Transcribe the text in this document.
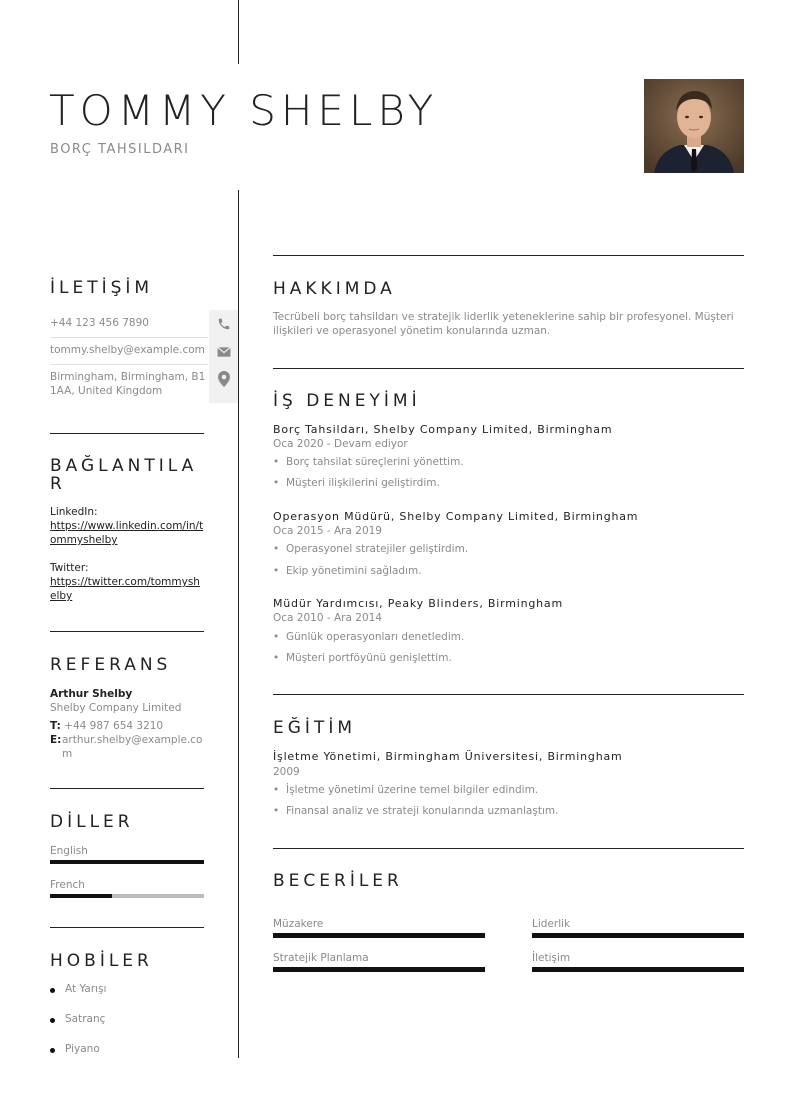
TOMMY SHELBY
BORÇ TAHSILDARI
İLETİŞİM
+44 123 456 7890
tommy.shelby@example.com
Birmingham, Birmingham, B1 1AA, United Kingdom
BAĞLANTILAR
LinkedIn:
https://www.linkedin.com/in/tommyshelby
Twitter:
https://twitter.com/tommyshelby
REFERANS
Arthur Shelby
Shelby Company Limited
T: +44 987 654 3210
E: arthur.shelby@example.com
DİLLER
English
French
HOBİLER
At Yarışı
Satranç
Piyano
HAKKIMDA
Tecrübeli borç tahsildarı ve stratejik liderlik yeteneklerine sahip bir profesyonel. Müşteri ilişkileri ve operasyonel yönetim konularında uzman.
İŞ DENEYİMİ
Borç Tahsildarı, Shelby Company Limited, Birmingham
Oca 2020 - Devam ediyor
• Borç tahsilat süreçlerini yönettim.
• Müşteri ilişkilerini geliştirdim.
Operasyon Müdürü, Shelby Company Limited, Birmingham
Oca 2015 - Ara 2019
• Operasyonel stratejiler geliştirdim.
• Ekip yönetimini sağladım.
Müdür Yardımcısı, Peaky Blinders, Birmingham
Oca 2010 - Ara 2014
• Günlük operasyonları denetledim.
• Müşteri portföyünü genişlettim.
EĞİTİM
İşletme Yönetimi, Birmingham Üniversitesi, Birmingham
2009
• İşletme yönetimi üzerine temel bilgiler edindim.
• Finansal analiz ve strateji konularında uzmanlaştım.
BECERİLER
Müzakere	Liderlik
Stratejik Planlama	İletişim
